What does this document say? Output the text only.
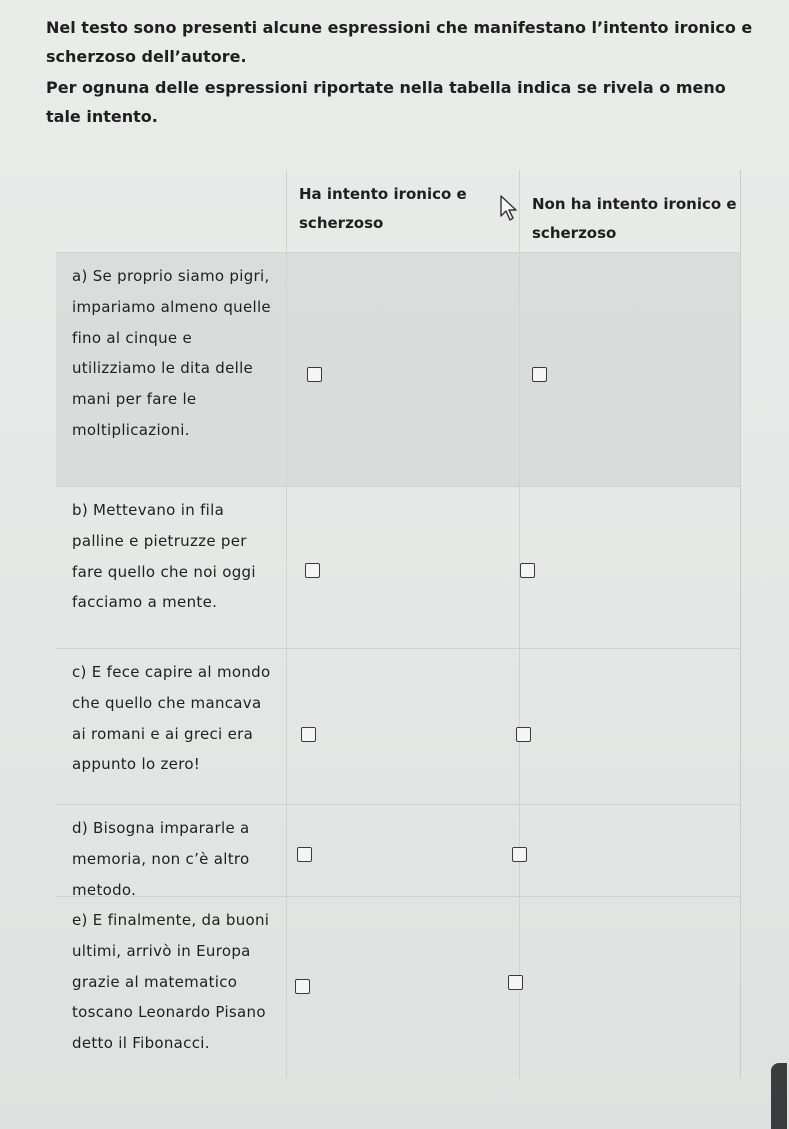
Nel testo sono presenti alcune espressioni che manifestano l’intento ironico e scherzoso dell’autore.

Per ognuna delle espressioni riportate nella tabella indica se rivela o meno tale intento.

Ha intento ironico e scherzoso
Non ha intento ironico e scherzoso
a) Se proprio siamo pigri, impariamo almeno quelle fino al cinque e utilizziamo le dita delle mani per fare le moltiplicazioni.
b) Mettevano in fila palline e pietruzze per fare quello che noi oggi facciamo a mente.
c) E fece capire al mondo che quello che mancava ai romani e ai greci era appunto lo zero!
d) Bisogna impararle a memoria, non c’è altro metodo.
e) E finalmente, da buoni ultimi, arrivò in Europa grazie al matematico toscano Leonardo Pisano detto il Fibonacci.
